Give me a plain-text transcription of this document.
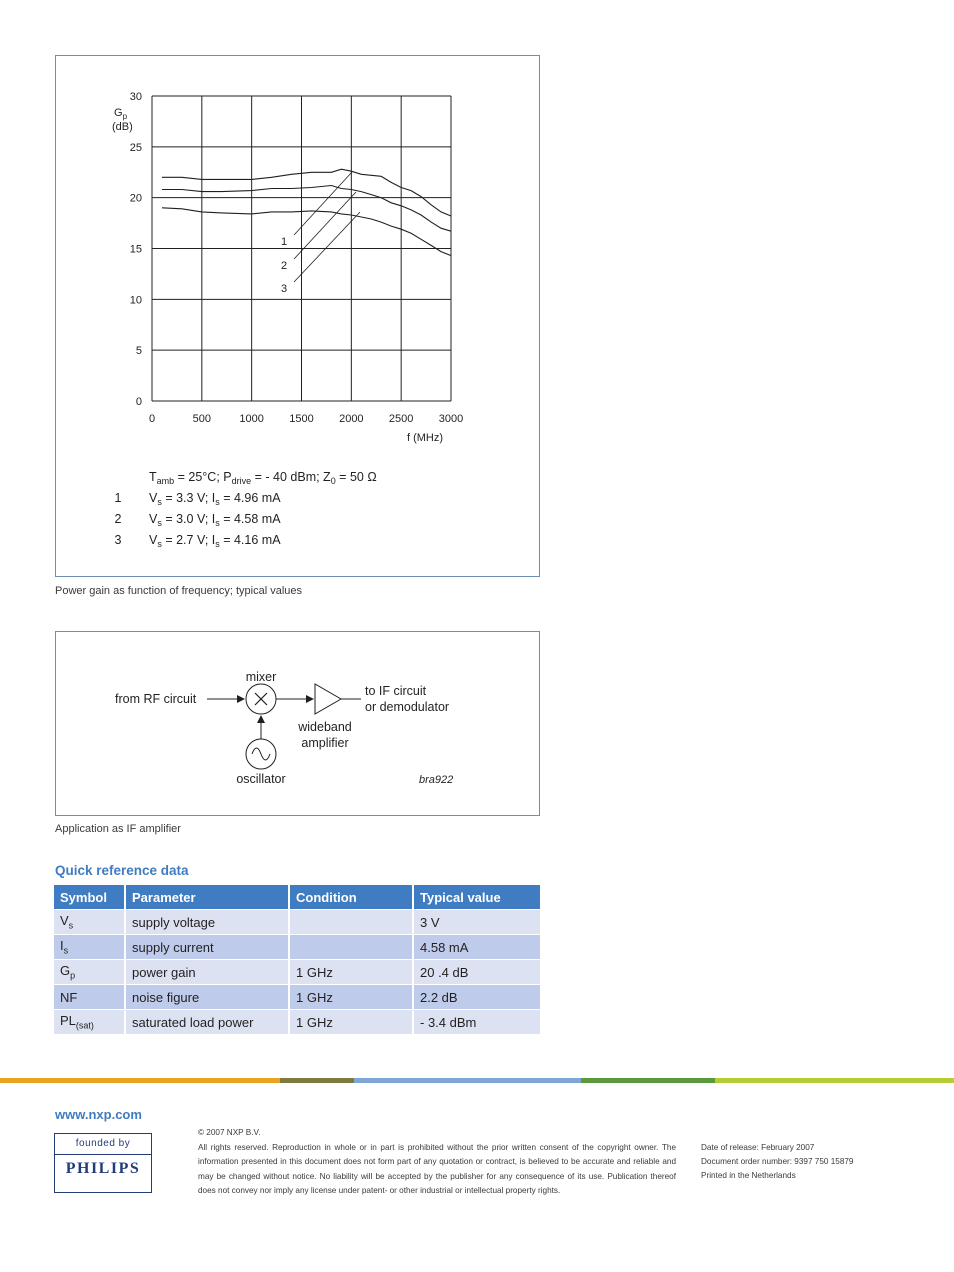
1
2
3
0	500	1000 1500 2000 2500 3000
0
5
10
15
20
25
30
$G_p$
(dB)
f (MHz)
$T_{amb} = 25^\circ C$; $P_{drive}$ = - 40 dBm; $Z_0 = 50$ Ω
1 $V_s = 3.3$ V; $I_s = 4.96$ mA
2 $V_s = 3.0$ V; $I_s = 4.58$ mA
3 $V_s = 2.7$ V; $I_s = 4.16$ mA
Power gain as function of frequency; typical values
from RF circuit
mixer
to IF circuit
or demodulator
wideband
amplifier
oscillator	bra922
Application as IF amplifier
Quick reference data
Symbol	Parameter	Condition	Typical value
$V_s$	supply voltage		3 V
$I_s$	supply current		4.58 mA
$G_p$	power gain	1 GHz	20 .4 dB
NF	noise figure	1 GHz	2.2 dB
$PL_{(sat)}$	saturated load power	1 GHz	- 3.4 dBm
www.nxp.com
founded by
PHILIPS
© 2007 NXP B.V.
All rights reserved. Reproduction in whole or in part is prohibited without the prior written consent of the copyright owner. The information presented in this document does not form part of any quotation or contract, is believed to be accurate and reliable and may be changed without notice. No liability will be accepted by the publisher for any consequence of its use. Publication thereof does not convey nor imply any license under patent- or other industrial or intellectual property rights.
Date of release: February 2007
Document order number: 9397 750 15879
Printed in the Netherlands
